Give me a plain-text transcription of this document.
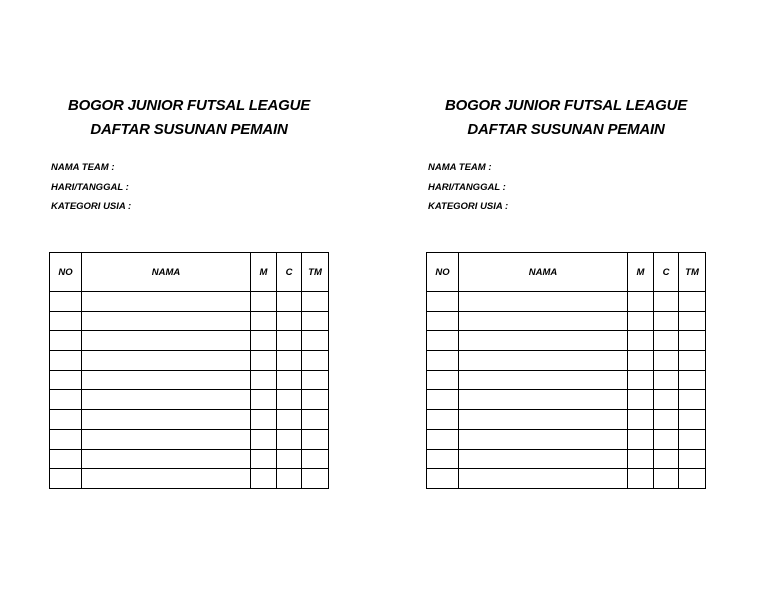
BOGOR JUNIOR FUTSAL LEAGUE
DAFTAR SUSUNAN PEMAIN
NAMA TEAM :
HARI/TANGGAL :
KATEGORI USIA :
NO	NAMA	M	C	TM

BOGOR JUNIOR FUTSAL LEAGUE
DAFTAR SUSUNAN PEMAIN
NAMA TEAM :
HARI/TANGGAL :
KATEGORI USIA :
NO	NAMA	M	C	TM
